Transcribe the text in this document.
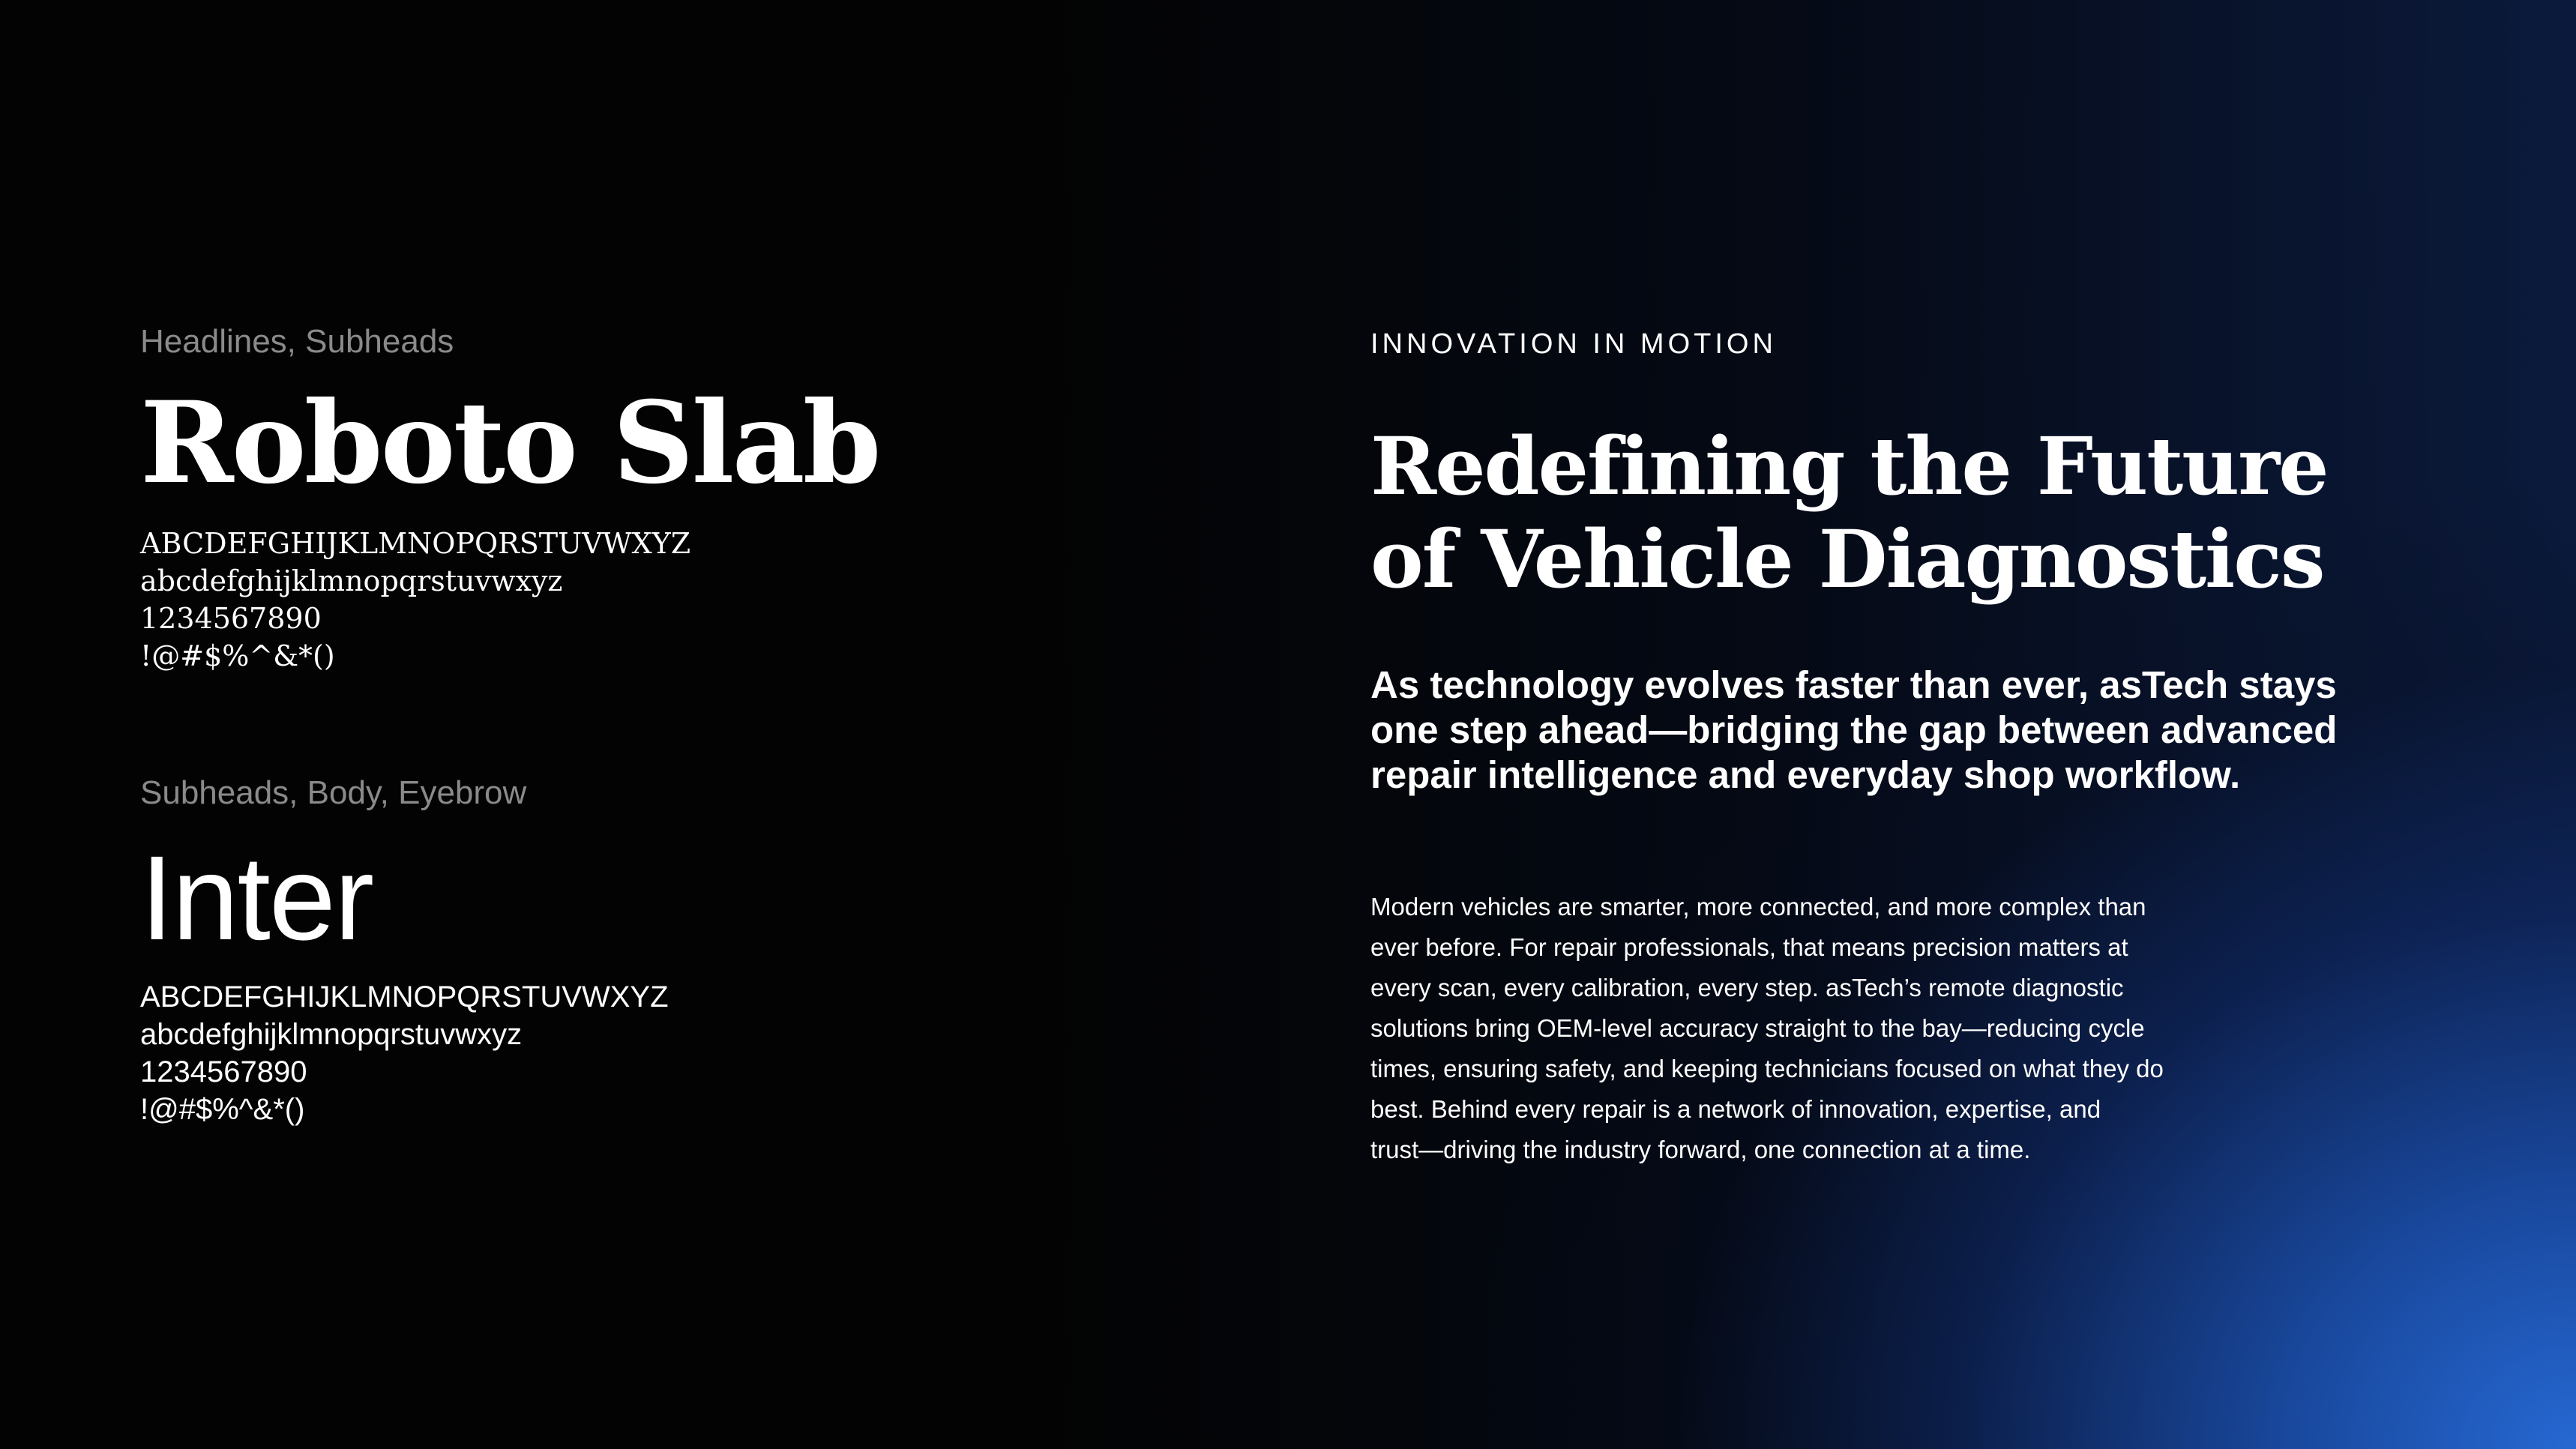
Headlines, Subheads
Roboto Slab
ABCDEFGHIJKLMNOPQRSTUVWXYZ
abcdefghijklmnopqrstuvwxyz
1234567890
!@#$%^&*()
Subheads, Body, Eyebrow
Inter
ABCDEFGHIJKLMNOPQRSTUVWXYZ
abcdefghijklmnopqrstuvwxyz
1234567890
!@#$%^&*()
INNOVATION IN MOTION
Redefining the Future
of Vehicle Diagnostics
As technology evolves faster than ever, asTech stays
one step ahead—bridging the gap between advanced
repair intelligence and everyday shop workflow.
Modern vehicles are smarter, more connected, and more complex than
ever before. For repair professionals, that means precision matters at
every scan, every calibration, every step. asTech’s remote diagnostic
solutions bring OEM-level accuracy straight to the bay—reducing cycle
times, ensuring safety, and keeping technicians focused on what they do
best. Behind every repair is a network of innovation, expertise, and
trust—driving the industry forward, one connection at a time.
